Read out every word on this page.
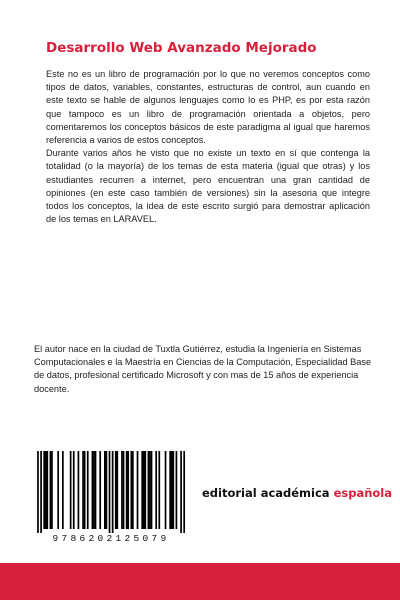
Desarrollo Web Avanzado Mejorado

Este no es un libro de programación por lo que no veremos conceptos como tipos de datos, variables, constantes, estructuras de control, aun cuando en este texto se hable de algunos lenguajes como lo es PHP, es por esta razón que tampoco es un libro de programación orientada a objetos, pero comentaremos los conceptos básicos de este paradigma al igual que haremos referencia a varios de estos conceptos.

Durante varios años he visto que no existe un texto en sí que contenga la totalidad (o la mayoría) de los temas de esta materia (igual que otras) y los estudiantes recurren a internet, pero encuentran una gran cantidad de opiniones (en este caso también de versiones) sin la asesoria que integre todos los conceptos, la idea de este escrito surgió para demostrar aplicación de los temas en LARAVEL.

El autor nace en la ciudad de Tuxtla Gutiérrez, estudia la Ingeniería en Sistemas Computacionales e la Maestría en Ciencias de la Computación, Especialidad Base de datos, profesional certificado Microsoft y con mas de 15 años de experiencia docente.

9786202125079
editorial académica española
